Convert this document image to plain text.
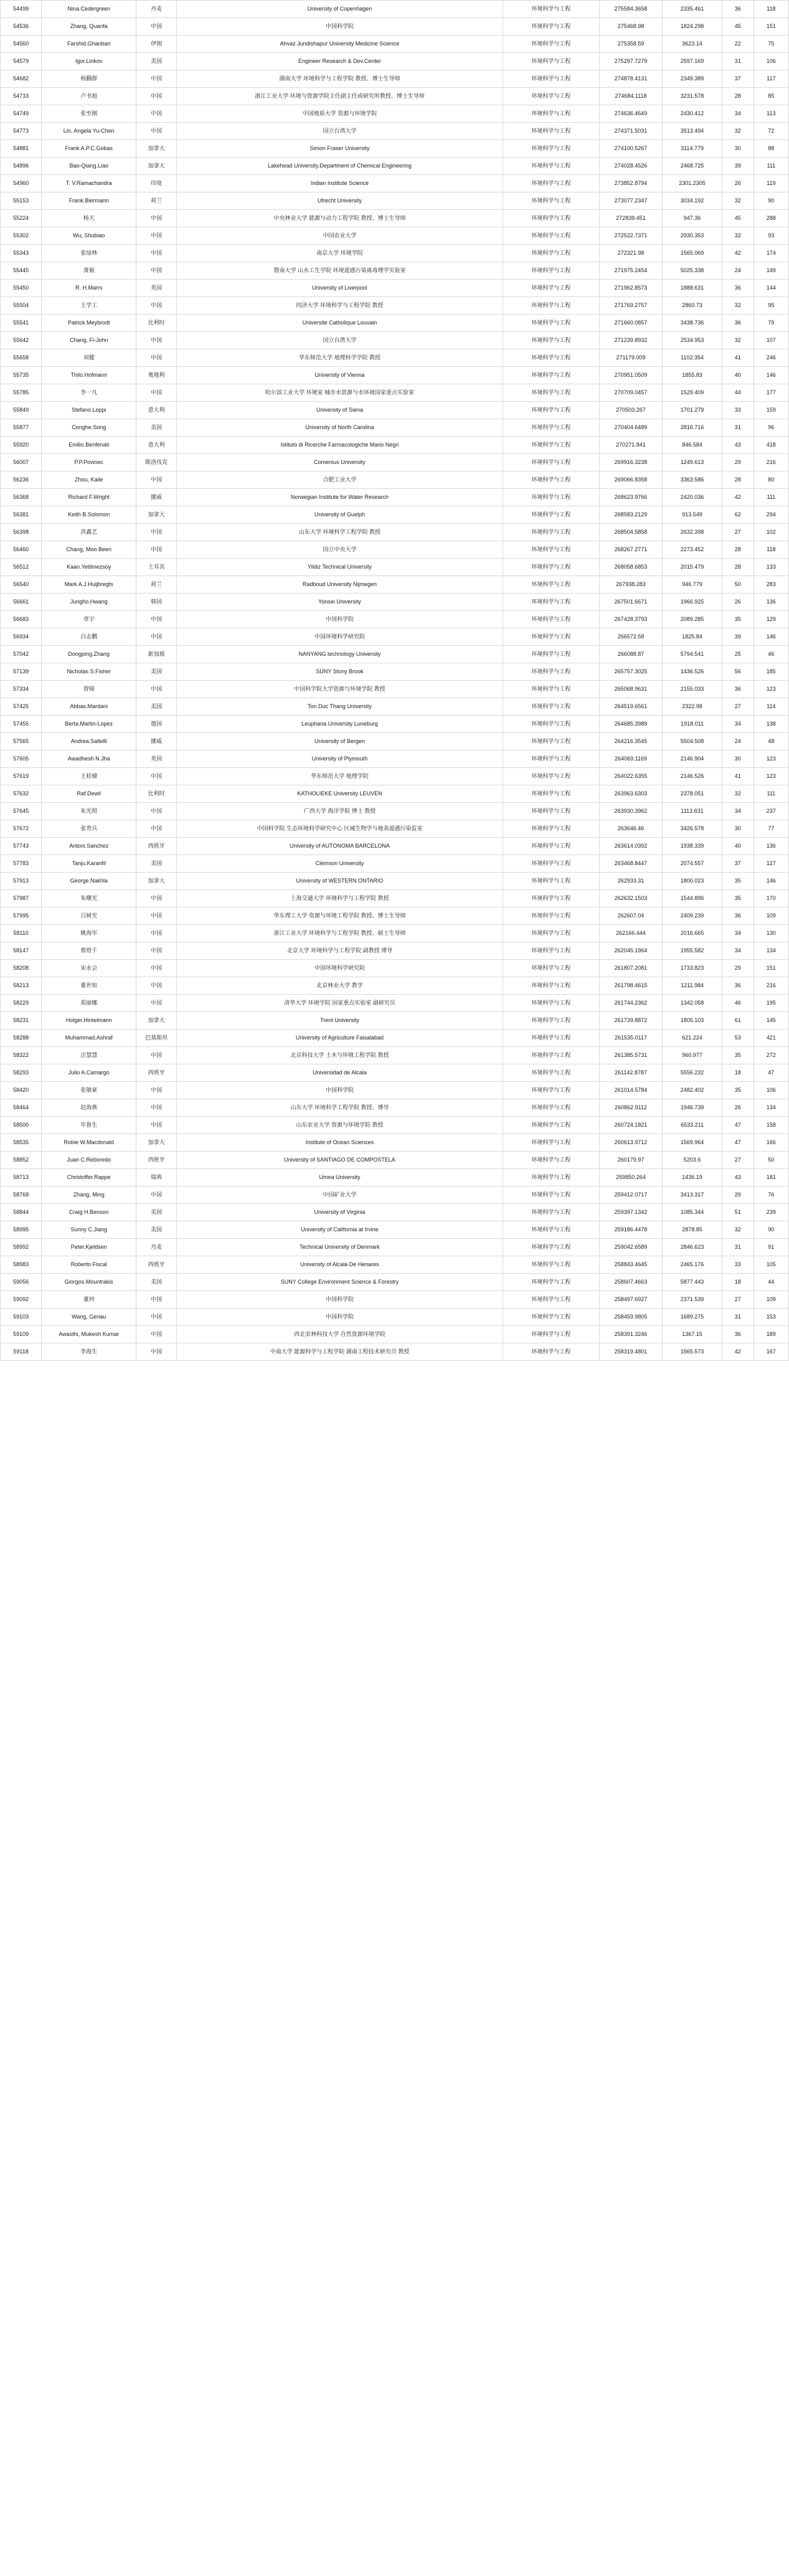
54499	Nina.Cedergreen	丹麦	University of Copenhagen	环境科学与工程	275584.3658	2335.461	36	118
54536	Zhang, Quanfa	中国	中国科学院	环境科学与工程	275468.98	1824.298	45	151
54560	Farshid.Ghanbari	伊朗	Ahvaz Jundishapur University Medicine Science	环境科学与工程	275358.59	3623.14	22	75
54579	Igor.Linkov	美国	Engineer Research & Dev.Center	环境科学与工程	275297.7279	2597.169	31	106
54682	杨翻群	中国	湖南大学 环境科学与工程学院 教授、博士生导师	环境科学与工程	274878.4131	2349.389	37	117
54733	卢书旭	中国	浙江工业大学 环境与资源学院主任副主任或研究所教授、博士生导师	环境科学与工程	274684.1118	3231.578	28	85
54749	张至刚	中国	中国地质大学 资源与环境学院	环境科学与工程	274636.4649	2430.412	34	113
54773	Lin, Angela Yu-Chen	中国	国立台湾大学	环境科学与工程	274371.5031	3513.494	32	72
54881	Frank A.P.C.Gobas	加拿大	Simon Fraser University	环境科学与工程	274100.5267	3114.779	30	88
54896	Bao-Qiang.Liao	加拿大	Lakehead University.Department of Chemical Engineering	环境科学与工程	274028.4526	2468.725	39	111
54960	T. V.Ramachandra	印度	Indian Institute Science	环境科学与工程	273852.8794	2301.2305	26	119
55153	Frank.Biermann	荷兰	Utrecht University	环境科学与工程	273077.2347	3034.192	32	90
55224	杨天	中国	中央林业大学 能源与动力工程学院 教授、博士生导师	环境科学与工程	272839.451	947.36	45	288
55302	Wu, Shubiao	中国	中国农业大学	环境科学与工程	272522.7371	2930.353	32	93
55343	张绿林	中国	南京大学 环境学院	环境科学与工程	272321.98	1565.069	42	174
55445	黄毅	中国	暨南大学 山水工生学院 环境遥感污染离毒理学实验室	环境科学与工程	271975.2454	5025.338	24	149
55450	R. H.Marrs	英国	University of Liverpool	环境科学与工程	271962.8573	1888.631	36	144
55504	王学工	中国	同济大学 环境科学与工程学院 教授	环境科学与工程	271769.2757	2860.73	32	95
55541	Patrick.Meybrodt	比利时	Universite Catholique Louvain	环境科学与工程	271660.0857	3438.736	36	79
55642	Chang, Fi-John	中国	国立台湾大学	环境科学与工程	271239.8932	2534.953	32	107
55658	刘健	中国	华东师范大学 地理科学学院 教授	环境科学与工程	271179.009	1102.354	41	246
55735	Thilo.Hofmann	奥地利	University of Vienna	环境科学与工程	270951.0509	1855.83	40	146
55785	李一凡	中国	哈尔滨工业大学 环境室 城市水资源与水环境国家重点实验室	环境科学与工程	270709.0457	1529.409	44	177
55849	Stefano.Loppi	意大利	University of Siena	环境科学与工程	270503.267	1701.279	33	159
55877	Conghe.Song	美国	University of North Carolina	环境科学与工程	270404.6489	2816.716	31	96
55920	Emilio.Benfenati	意大利	Istituto di Ricerche Farmacologiche Mario Negri	环境科学与工程	270271.841	846.584	43	418
56007	P.P.Povinec	斯洛伐克	Comenius University	环境科学与工程	269916.3238	1249.613	29	216
56236	Zhou, Kaile	中国	合肥工业大学	环境科学与工程	269066.8358	3363.586	28	80
56368	Richard F.Wright	挪威	Norwegian Institute for Water Research	环境科学与工程	268623.9766	2420.036	42	111
56381	Keith B.Solomon	加拿大	University of Guelph	环境科学与工程	268583.2129	913.549	62	294
56398	洪鑫艺	中国	山东大学 环境科学工程学院 教授	环境科学与工程	268504.5858	2632.398	27	102
56460	Chang, Moo Been	中国	国立中央大学	环境科学与工程	268267.2771	2273.452	28	118
56512	Kaan.Yetilmezsoy	土耳其	Yildiz Technical University	环境科学与工程	268058.6853	2015.479	28	133
56540	Mark A.J.Huijbregts	荷兰	Radboud University Nijmegen	环境科学与工程	267938.283	946.779	50	283
56661	Jungho.Hwang	韩国	Yonsei University	环境科学与工程	267501.6671	1966.925	26	136
56683	章宇	中国	中国科学院	环境科学与工程	267428.3793	2089.285	35	129
56934	白志鹏	中国	中国环境科学研究院	环境科学与工程	266572.58	1825.84	39	146
57042	Dongping.Zhang	新加坡	NANYANG technology University	环境科学与工程	266088.87	5794.541	25	46
57139	Nicholas S.Fisher	美国	SUNY Stony Brook	环境科学与工程	265757.3025	1436.526	56	185
57334	曾锦	中国	中国科学院大学资源与环境学院 教授	环境科学与工程	265068.9631	2155.033	36	123
57425	Abbas.Mardani	美国	Ton Duc Thang University	环境科学与工程	264519.6561	2322.98	27	114
57455	Berta.Martin-Lopez	德国	Leuphana University Luneburg	环境科学与工程	264685.3989	1918.011	34	138
57565	Andrea.Saltelli	挪威	University of Bergen	环境科学与工程	264216.3545	5504.508	24	48
57605	Awadhesh N.Jha	英国	University of Plymouth	环境科学与工程	264069.1169	2146.904	30	123
57619	王桂棣	中国	华东师范大学 地理学院	环境科学与工程	264022.6355	2146.526	41	123
57632	Raf.Dewil	比利时	KATHOLIEKE University LEUVEN	环境科学与工程	263963.6303	2378.051	32	111
57645	朱光照	中国	广西大学 海洋学院 博士 教授	环境科学与工程	263930.3962	1113.631	34	237
57672	张贵兵	中国	中国科学院 生态环境科学研究中心 区域生物学与地表遥感污染监室	环境科学与工程	263646.46	3426.578	30	77
57743	Antoni.Sanchez	西班牙	University of AUTONOMA BARCELONA	环境科学与工程	263614.0392	1938.339	40	136
57783	Tanju.Karanfil	美国	Clemson University	环境科学与工程	263468.8447	2074.557	37	127
57913	George.Nakhla	加拿大	University of WESTERN ONTARIO	环境科学与工程	262933.31	1800.023	35	146
57987	朱曙光	中国	上海交通大学 环境科学与工程学院 教授	环境科学与工程	262632.1503	1544.896	35	170
57995	吕树光	中国	华东理工大学 资源与环境工程学院 教授、博士生导师	环境科学与工程	262607.04	2409.239	36	109
58110	姚海军	中国	浙江工业大学 环境科学与工程学院 教授、硕士生导师	环境科学与工程	262166.444	2016.665	34	130
58147	蔡煜千	中国	北京大学 环境科学与工程学院 副教授 博导	环境科学与工程	262045.1964	1955.582	34	134
58208	宋永会	中国	中国环境科学研究院	环境科学与工程	261807.2081	1733.823	29	151
58213	董世如	中国	北京林业大学 教学	环境科学与工程	261798.4615	1211.984	36	216
58229	郑丽娜	中国	清华大学 环境学院 国家重点实验室 副研究员	环境科学与工程	261744.2362	1342.058	46	195
58231	Holger.Hintelmann	加拿大	Trent University	环境科学与工程	261739.8872	1805.103	61	145
58288	Muhammad.Ashraf	巴基斯坦	University of Agriculture Faisalabad	环境科学与工程	261535.0117	621.224	53	421
58322	汪慧慧	中国	北京科技大学 土木与环境工程学院 教授	环境科学与工程	261385.5731	960.977	35	272
58293	Julio A.Camargo	西班牙	Universidad de Alcala	环境科学与工程	261142.8787	5556.232	18	47
58420	张敏豪	中国	中国科学院	环境科学与工程	261014.5784	2482.402	35	106
58464	赵海燕	中国	山东大学 环境科学工程学院 教授、博导	环境科学与工程	260862.9112	1946.739	26	134
58500	年鲁生	中国	山东农业大学 资源与环境学院 教授	环境科学与工程	260724.1821	6533.211	47	158
58535	Robie W.Macdonald	加拿大	Institute of Ocean Sciences	环境科学与工程	260613.9712	1569.964	47	166
58852	Juan C.Reboredo	西班牙	University of SANTIAGO DE COMPOSTELA	环境科学与工程	260179.97	5203.6	27	50
58713	Christoffer.Rappe	瑞典	Umea University	环境科学与工程	259850.264	1436.19	43	181
58768	Zhang, Ming	中国	中国矿业大学	环境科学与工程	259412.0717	3413.317	29	76
58844	Craig H.Benson	美国	University of Virginia	环境科学与工程	259397.1342	1085.344	51	239
58995	Sunny C.Jiang	美国	University of California at Irvine	环境科学与工程	259186.4478	2878.85	32	90
58992	Peter.Kjeldsen	丹麦	Technical University of Denmark	环境科学与工程	259042.6589	2846.623	31	91
58983	Roberto.Fiscal	西班牙	University of Alcala De Henares	环境科学与工程	258843.4645	2465.176	33	105
59056	Giorgos.Mountrakis	美国	SUNY College Environment Science & Forestry	环境科学与工程	258607.4663	5877.443	18	44
59092	董珂	中国	中国科学院	环境科学与工程	258497.6927	2371.539	27	109
59103	Wang, Genau	中国	中国科学院	环境科学与工程	258459.9805	1689.275	31	153
59109	Awasthi, Mukesh Kumar	中国	西北农林科技大学 自然资源环境学院	环境科学与工程	258391.3246	1367.15	36	189
59118	李海生	中国	中南大学 能源科学与工程学院 湖南工程技术研究员 教授	环境科学与工程	258319.4801	1565.573	42	167
